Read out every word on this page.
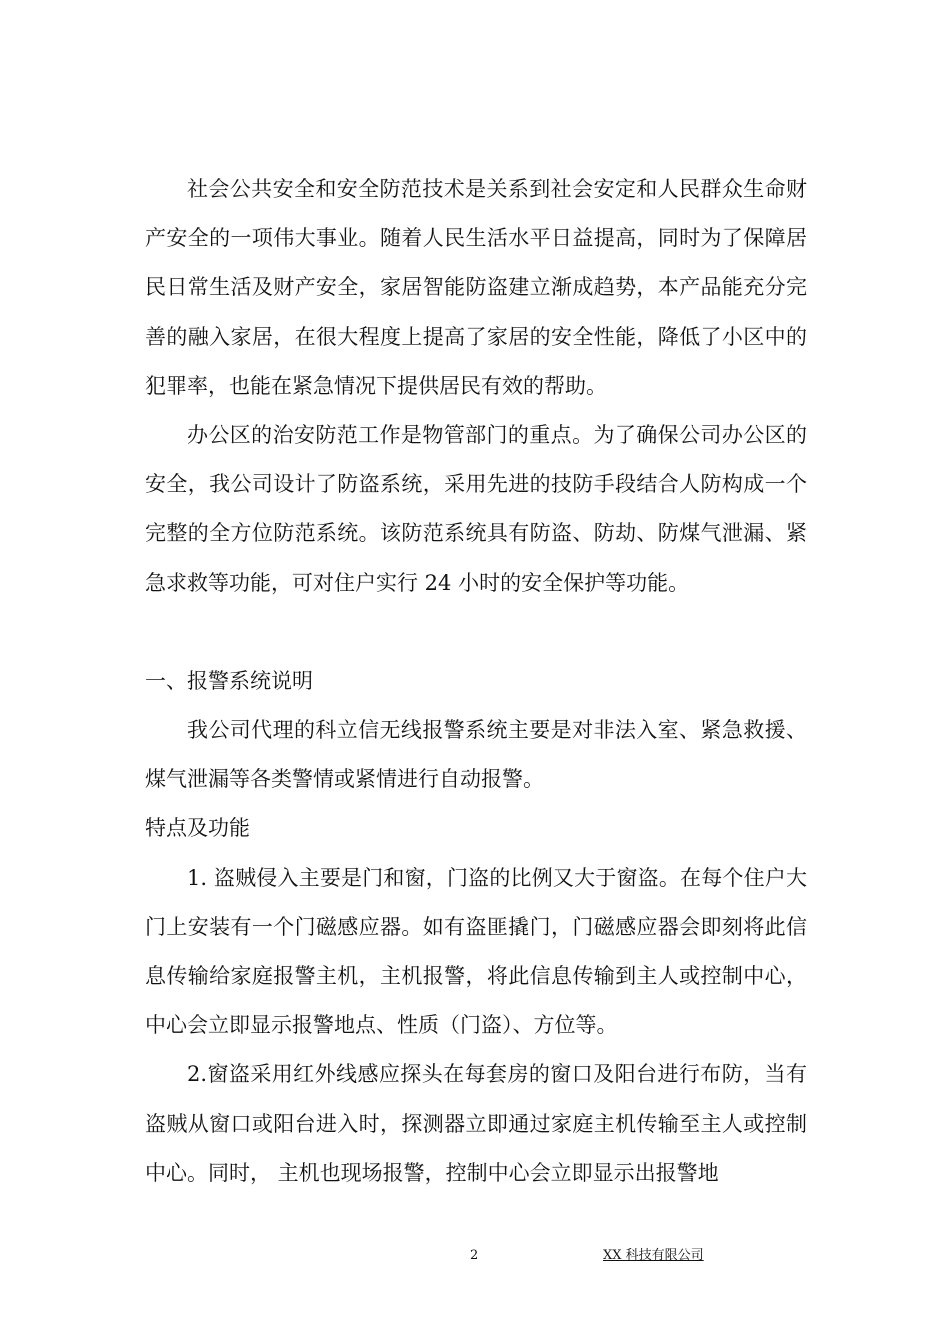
社会公共安全和安全防范技术是关系到社会安定和人民群众生命财产安全的一项伟大事业。随着人民生活水平日益提高，同时为了保障居民日常生活及财产安全，家居智能防盗建立渐成趋势，本产品能充分完善的融入家居，在很大程度上提高了家居的安全性能，降低了小区中的犯罪率，也能在紧急情况下提供居民有效的帮助。

办公区的治安防范工作是物管部门的重点。为了确保公司办公区的安全，我公司设计了防盗系统，采用先进的技防手段结合人防构成一个完整的全方位防范系统。该防范系统具有防盗、防劫、防煤气泄漏、紧急求救等功能，可对住户实行 24 小时的安全保护等功能。

一、报警系统说明

我公司代理的科立信无线报警系统主要是对非法入室、紧急救援、煤气泄漏等各类警情或紧情进行自动报警。

特点及功能

1. 盗贼侵入主要是门和窗，门盗的比例又大于窗盗。在每个住户大门上安装有一个门磁感应器。如有盗匪撬门，门磁感应器会即刻将此信息传输给家庭报警主机，主机报警，将此信息传输到主人或控制中心，中心会立即显示报警地点、性质（门盗）、方位等。

2.窗盗采用红外线感应探头在每套房的窗口及阳台进行布防，当有盗贼从窗口或阳台进入时，探测器立即通过家庭主机传输至主人或控制中心。同时， 主机也现场报警，控制中心会立即显示出报警地

2	XX 科技有限公司
